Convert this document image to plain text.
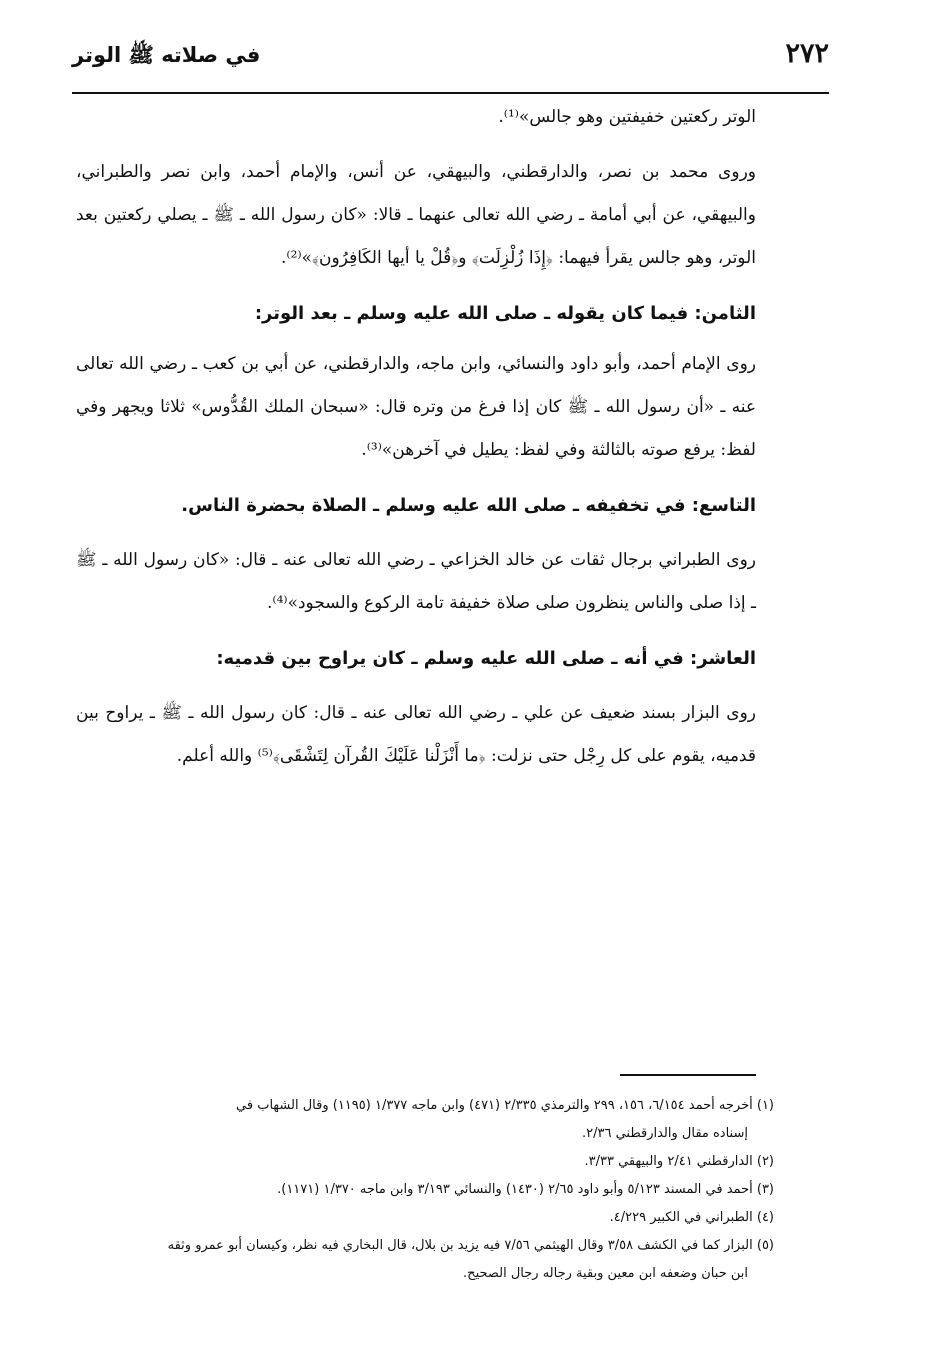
٢٧٢
في صلاته ﷺ الوتر

الوتر ركعتين خفيفتين وهو جالس»⁽¹⁾.

وروى محمد بن نصر، والدارقطني، والبيهقي، عن أنس، والإمام أحمد، وابن نصر والطبراني، والبيهقي، عن أبي أمامة ـ رضي الله تعالى عنهما ـ قالا: «كان رسول الله ـ ﷺ ـ يصلي ركعتين بعد الوتر، وهو جالس يقرأ فيهما: ﴿إِذَا زُلْزِلَت﴾ و﴿قُلْ يا أيها الكَافِرُون﴾»⁽²⁾.

الثامن: فيما كان يقوله ـ صلى الله عليه وسلم ـ بعد الوتر:

روى الإمام أحمد، وأبو داود والنسائي، وابن ماجه، والدارقطني، عن أبي بن كعب ـ رضي الله تعالى عنه ـ «أن رسول الله ـ ﷺ كان إذا فرغ من وتره قال: «سبحان الملك القُدُّوس» ثلاثا ويجهر وفي لفظ: يرفع صوته بالثالثة وفي لفظ: يطيل في آخرهن»⁽³⁾.

التاسع: في تخفيفه ـ صلى الله عليه وسلم ـ الصلاة بحضرة الناس.

روى الطبراني برجال ثقات عن خالد الخزاعي ـ رضي الله تعالى عنه ـ قال: «كان رسول الله ـ ﷺ ـ إذا صلى والناس ينظرون صلى صلاة خفيفة تامة الركوع والسجود»⁽⁴⁾.

العاشر: في أنه ـ صلى الله عليه وسلم ـ كان يراوح بين قدميه:

روى البزار بسند ضعيف عن علي ـ رضي الله تعالى عنه ـ قال: كان رسول الله ـ ﷺ ـ يراوح بين قدميه، يقوم على كل رِجْل حتى نزلت: ﴿ما أَنْزَلْنا عَلَيْكَ القُرآن لِتَشْقَى﴾⁽⁵⁾ والله أعلم.

(١) أخرجه أحمد ٦/١٥٤، ١٥٦، ٢٩٩ والترمذي ٢/٣٣٥ (٤٧١) وابن ماجه ١/٣٧٧ (١١٩٥) وقال الشهاب في

إسناده مقال والدارقطني ٢/٣٦.

(٢) الدارقطني ٢/٤١ والبيهقي ٣/٣٣.

(٣) أحمد في المسند ٥/١٢٣ وأبو داود ٢/٦٥ (١٤٣٠) والنسائي ٣/١٩٣ وابن ماجه ١/٣٧٠ (١١٧١).

(٤) الطبراني في الكبير ٤/٢٢٩.

(٥) البزار كما في الكشف ٣/٥٨ وقال الهيثمي ٧/٥٦ فيه يزيد بن بلال، قال البخاري فيه نظر، وكيسان أبو عمرو وثقه

ابن حبان وضعفه ابن معين وبقية رجاله رجال الصحيح.
